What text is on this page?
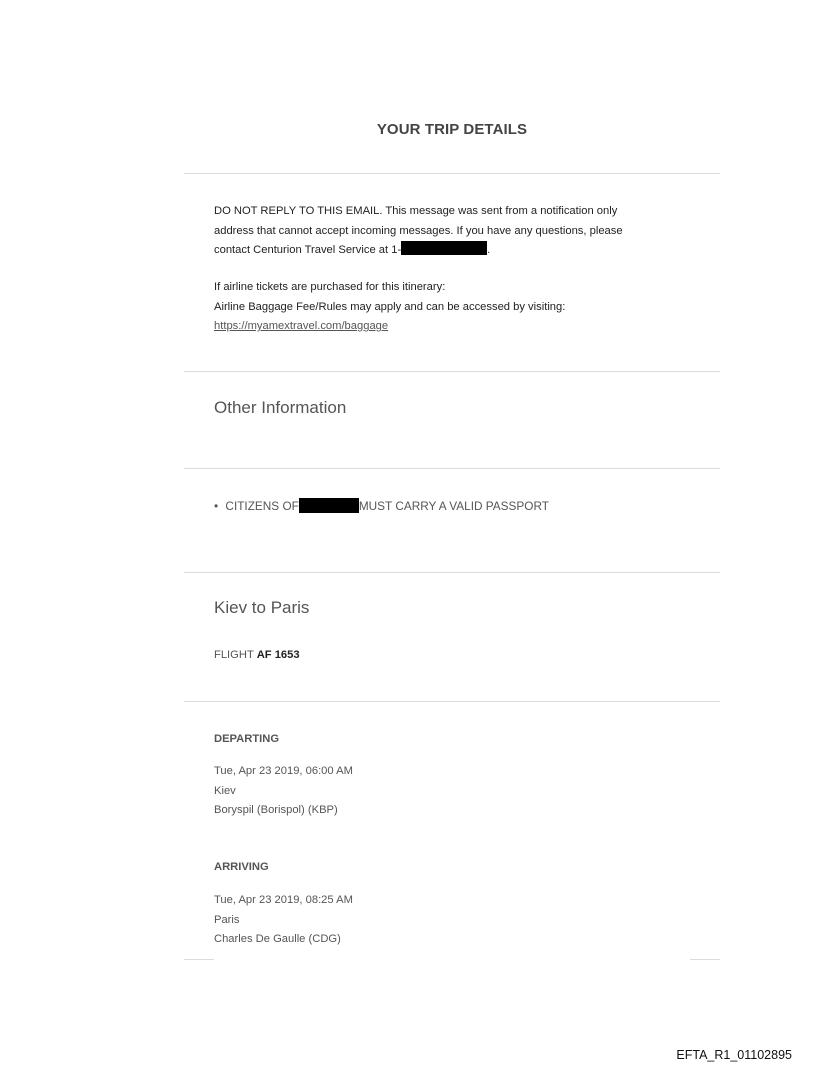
YOUR TRIP DETAILS

DO NOT REPLY TO THIS EMAIL. This message was sent from a notification only

address that cannot accept incoming messages. If you have any questions, please

contact Centurion Travel Service at 1-	.

If airline tickets are purchased for this itinerary:

Airline Baggage Fee/Rules may apply and can be accessed by visiting:

https://myamextravel.com/baggage

Other Information
• CITIZENS OF	MUST CARRY A VALID PASSPORT
Kiev to Paris
FLIGHT AF 1653
DEPARTING
Tue, Apr 23 2019, 06:00 AM
Kiev
Boryspil (Borispol) (KBP)
ARRIVING
Tue, Apr 23 2019, 08:25 AM
Paris
Charles De Gaulle (CDG)
EFTA_R1_01102895
